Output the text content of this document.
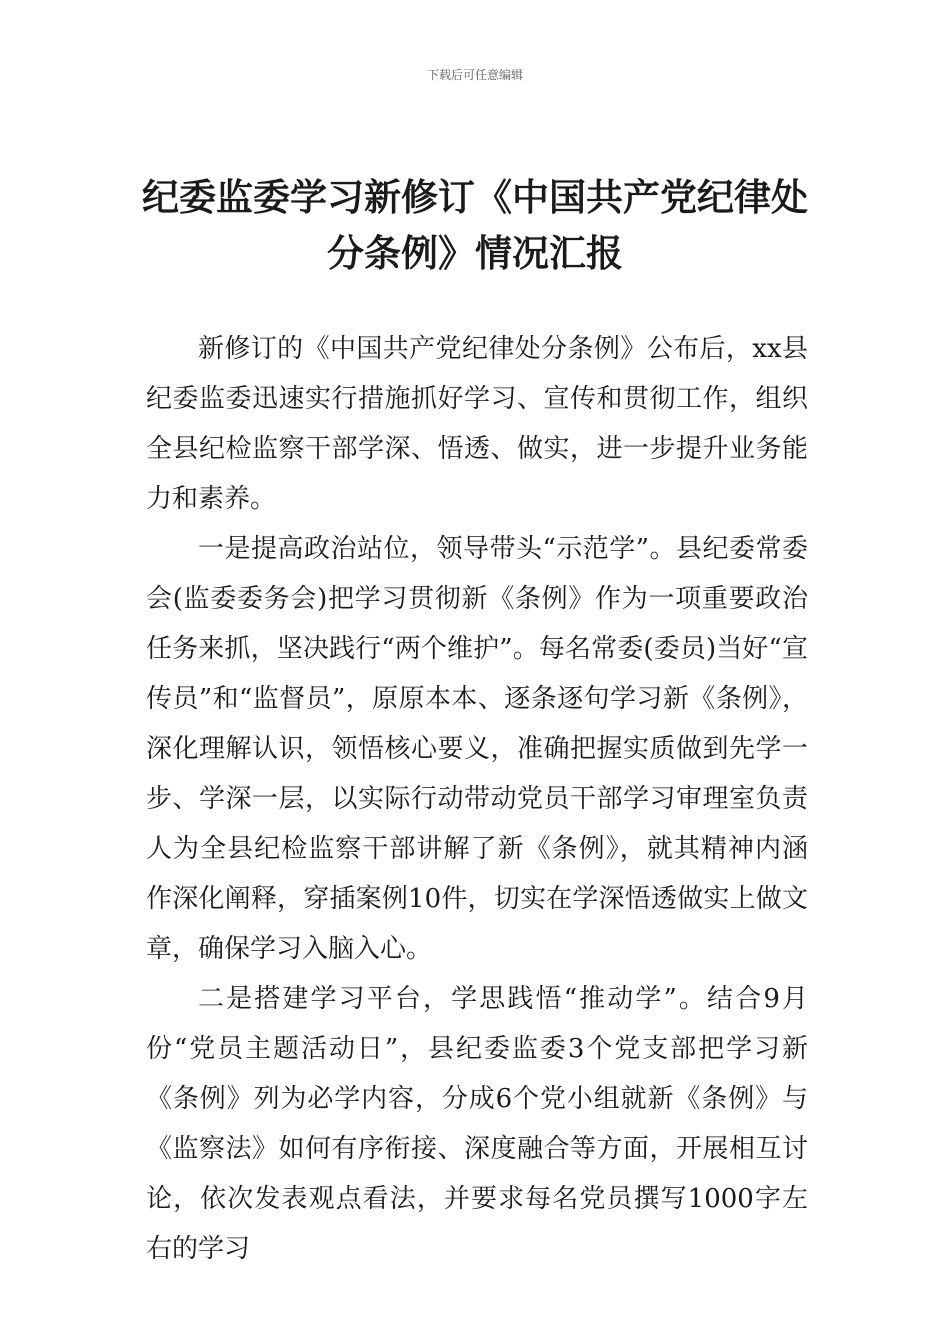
下载后可任意编辑
纪委监委学习新修订《中国共产党纪律处
分条例》情况汇报

新修订的《中国共产党纪律处分条例》公布后，xx县纪委监委迅速实行措施抓好学习、宣传和贯彻工作，组织全县纪检监察干部学深、悟透、做实，进一步提升业务能力和素养。

一是提高政治站位，领导带头“示范学”。县纪委常委会(监委委务会)把学习贯彻新《条例》作为一项重要政治任务来抓，坚决践行“两个维护”。每名常委(委员)当好“宣传员”和“监督员”，原原本本、逐条逐句学习新《条例》，深化理解认识，领悟核心要义，准确把握实质做到先学一步、学深一层，以实际行动带动党员干部学习审理室负责人为全县纪检监察干部讲解了新《条例》，就其精神内涵作深化阐释，穿插案例10件，切实在学深悟透做实上做文章，确保学习入脑入心。

二是搭建学习平台，学思践悟“推动学”。结合9月份“党员主题活动日”，县纪委监委3个党支部把学习新《条例》列为必学内容，分成6个党小组就新《条例》与《监察法》如何有序衔接、深度融合等方面，开展相互讨论，依次发表观点看法，并要求每名党员撰写1000字左右的学习
